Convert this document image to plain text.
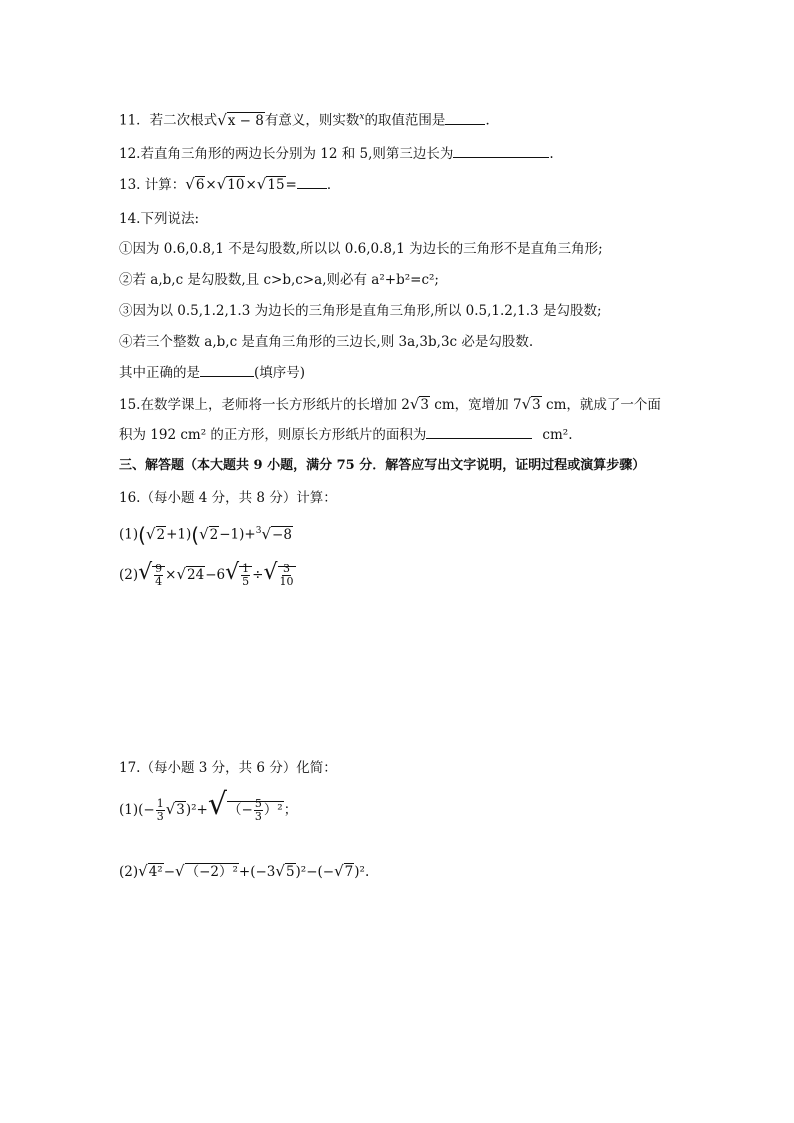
11．若二次根式√x − 8有意义，则实数$^x$的取值范围是	．
12.若直角三角形的两边长分别为 12 和 5,则第三边长为	.
13. 计算：√6×√10×√15= ．
14.下列说法:
①因为 0.6,0.8,1 不是勾股数,所以以 0.6,0.8,1 为边长的三角形不是直角三角形;
②若 a,b,c 是勾股数,且 c>b,c>a,则必有 a²+b²=c²;
③因为以 0.5,1.2,1.3 为边长的三角形是直角三角形,所以 0.5,1.2,1.3 是勾股数;
④若三个整数 a,b,c 是直角三角形的三边长,则 3a,3b,3c 必是勾股数.
其中正确的是	(填序号)
15.在数学课上，老师将一长方形纸片的长增加 2√3 cm，宽增加 7√3 cm，就成了一个面
积为 192 cm² 的正方形，则原长方形纸片的面积为	cm².
三、解答题（本大题共 9 小题，满分 75 分．解答应写出文字说明，证明过程或演算步骤）
16.（每小题 4 分，共 8 分）计算：
(1)(√2+1)(√2−1)+$^3$√−8
$(2)√ \frac{9}{4} \times√24-6√ \frac{1}{5}$ ÷√ $\frac{3}{10}$
17.（每小题 3 分，共 6 分）化简：
$(1)(- \frac{1}{3} √3)^2+√(- \frac{5}{3} )^2$；
(2)√4²−√（−2）²+(−3√5)²−(−√7)².
